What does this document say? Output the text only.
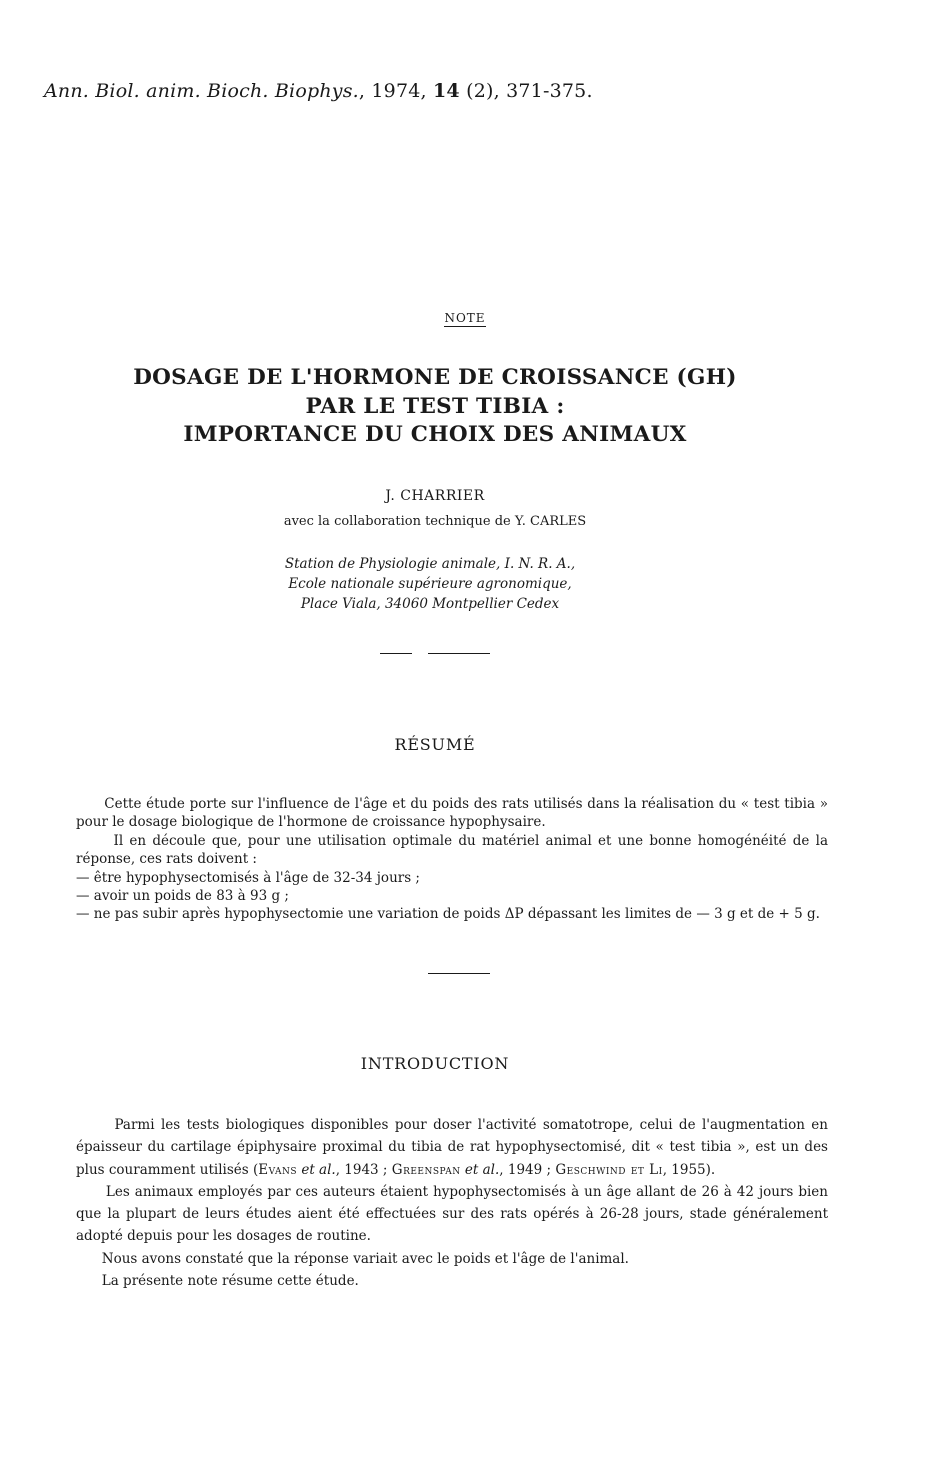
Ann. Biol. anim. Bioch. Biophys., 1974, 14 (2), 371-375.
NOTE
DOSAGE DE L'HORMONE DE CROISSANCE (GH)
PAR LE TEST TIBIA :
IMPORTANCE DU CHOIX DES ANIMAUX
J. CHARRIER
avec la collaboration technique de Y. CARLES
Station de Physiologie animale, I. N. R. A.,
Ecole nationale supérieure agronomique,
Place Viala, 34060 Montpellier Cedex
RÉSUMÉ

Cette étude porte sur l'influence de l'âge et du poids des rats utilisés dans la réalisation du « test tibia » pour le dosage biologique de l'hormone de croissance hypophysaire.

Il en découle que, pour une utilisation optimale du matériel animal et une bonne homogénéité de la réponse, ces rats doivent :

— être hypophysectomisés à l'âge de 32-34 jours ;

— avoir un poids de 83 à 93 g ;

— ne pas subir après hypophysectomie une variation de poids ΔP dépassant les limites de — 3 g et de + 5 g.

INTRODUCTION

Parmi les tests biologiques disponibles pour doser l'activité somatotrope, celui de l'augmentation en épaisseur du cartilage épiphysaire proximal du tibia de rat hypophysectomisé, dit « test tibia », est un des plus couramment utilisés (Evans et al., 1943 ; Greenspan et al., 1949 ; Geschwind et Li, 1955).

Les animaux employés par ces auteurs étaient hypophysectomisés à un âge allant de 26 à 42 jours bien que la plupart de leurs études aient été effectuées sur des rats opérés à 26-28 jours, stade généralement adopté depuis pour les dosages de routine.

Nous avons constaté que la réponse variait avec le poids et l'âge de l'animal.

La présente note résume cette étude.
